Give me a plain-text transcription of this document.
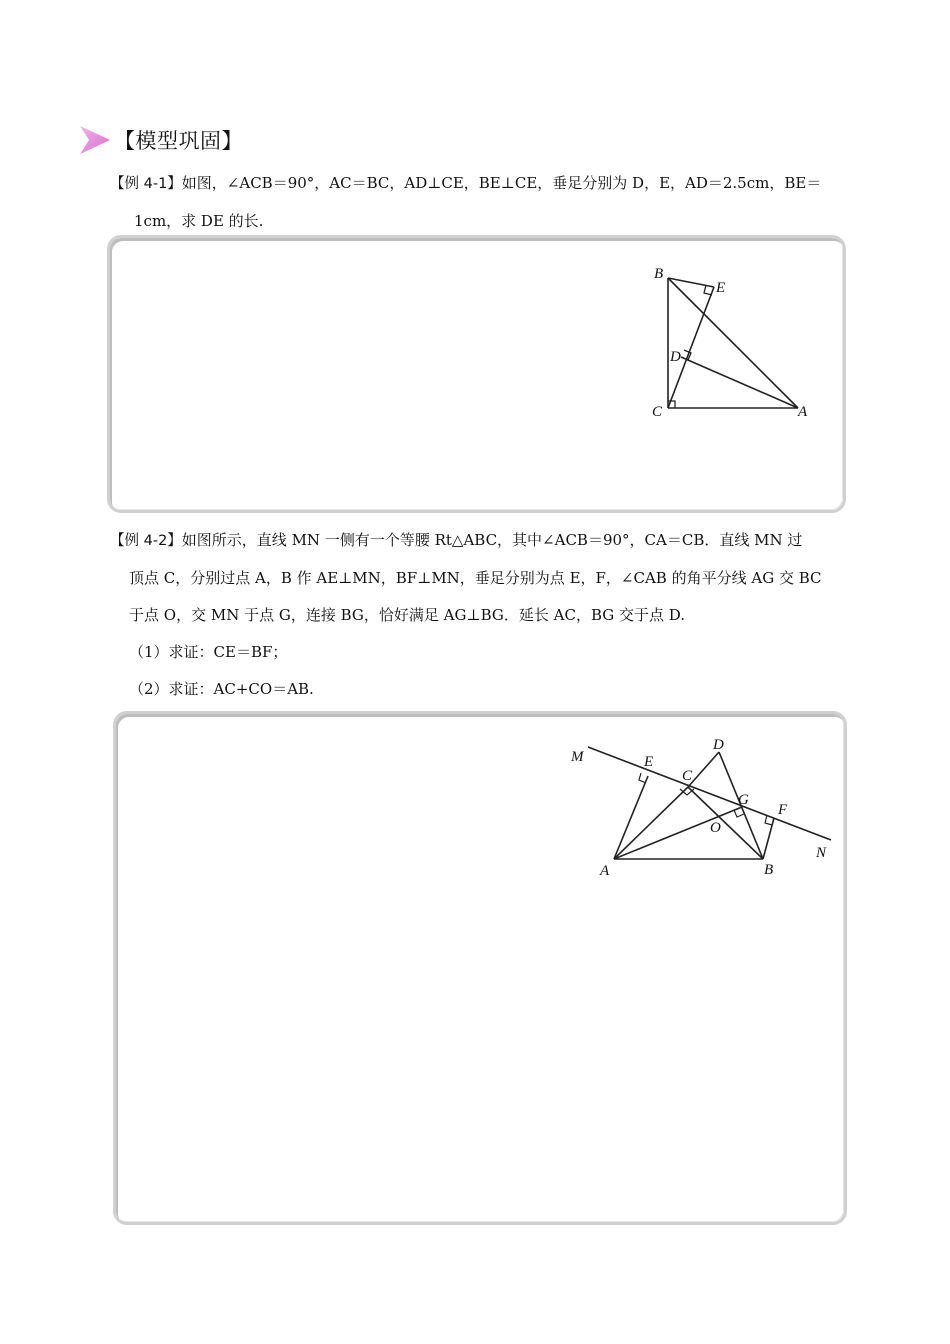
【模型巩固】
【例 4-1】如图，∠ACB＝90°，AC＝BC，AD⊥CE，BE⊥CE，垂足分别为 D，E，AD＝2.5cm，BE＝
1cm，求 DE 的长.
B
E
D
C	A
【例 4-2】如图所示，直线 MN 一侧有一个等腰 Rt△ABC，其中∠ACB＝90°，CA＝CB．直线 MN 过
顶点 C，分别过点 A，B 作 AE⊥MN，BF⊥MN，垂足分别为点 E，F，∠CAB 的角平分线 AG 交 BC
于点 O，交 MN 于点 G，连接 BG，恰好满足 AG⊥BG．延长 AC，BG 交于点 D.
（1）求证：CE＝BF；
（2）求证：AC+CO＝AB.
M	E
D
C
G
F
O
A	B
N
